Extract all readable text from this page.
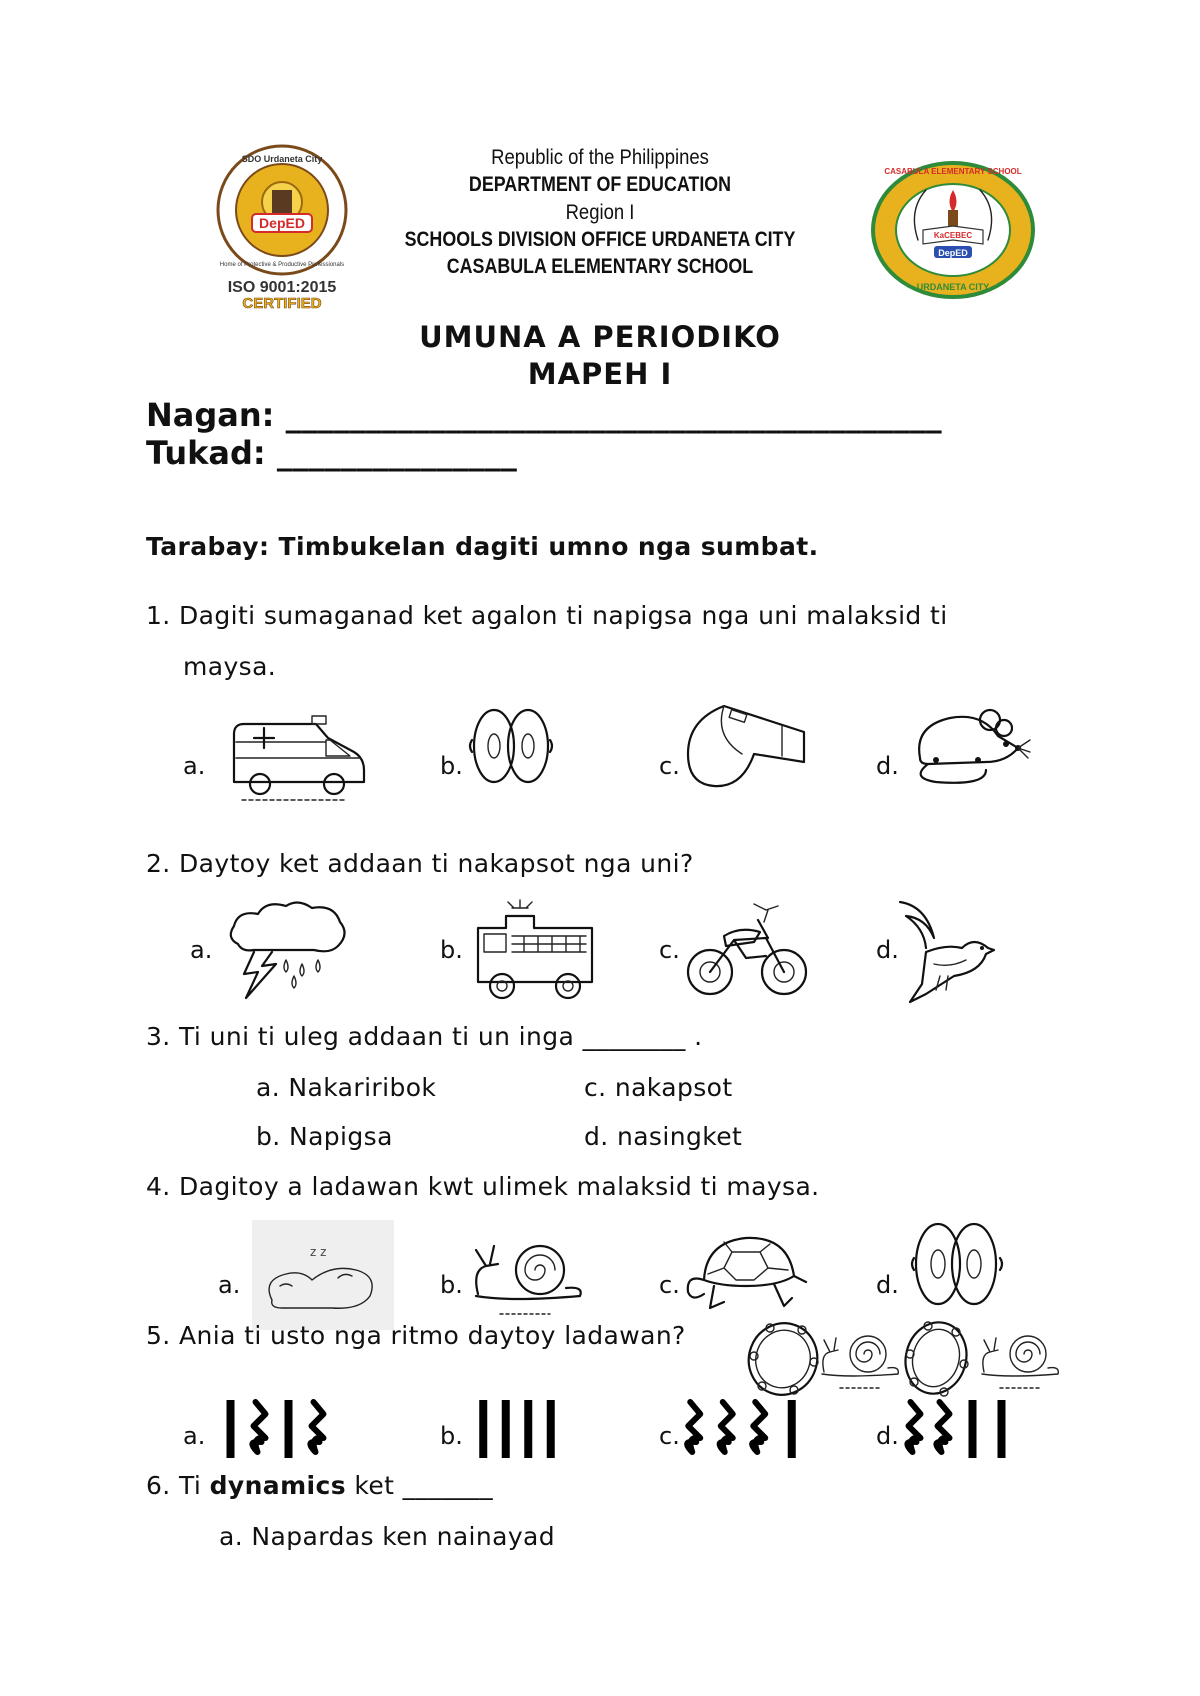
DepED
SDO Urdaneta City
Home of Protective & Productive Professionals
ISO 9001:2015
CERTIFIED
Republic of the Philippines
DEPARTMENT OF EDUCATION
Region I
SCHOOLS DIVISION OFFICE URDANETA CITY
CASABULA ELEMENTARY SCHOOL
KaCEBEC
DepED
CASABULA ELEMENTARY SCHOOL
URDANETA CITY
UMUNA A PERIODIKO
MAPEH I
Nagan: _________________________________________
Tukad: _______________
Tarabay: Timbukelan dagiti umno nga sumbat.
1. Dagiti sumaganad ket agalon ti napigsa nga uni malaksid ti
maysa.
a.	b.	c.	d.
2. Daytoy ket addaan ti nakapsot nga uni?
a.	b.	c.	d.
3. Ti uni ti uleg addaan ti un inga ________ .
a. Nakariribok	c. nakapsot
b. Napigsa	d. nasingket
4. Dagitoy a ladawan kwt ulimek malaksid ti maysa.
a.
z z
b.	c.	d.
5. Ania ti usto nga ritmo daytoy ladawan?
a.	b.	c.	d.
6. Ti dynamics ket _______
a. Napardas ken nainayad
